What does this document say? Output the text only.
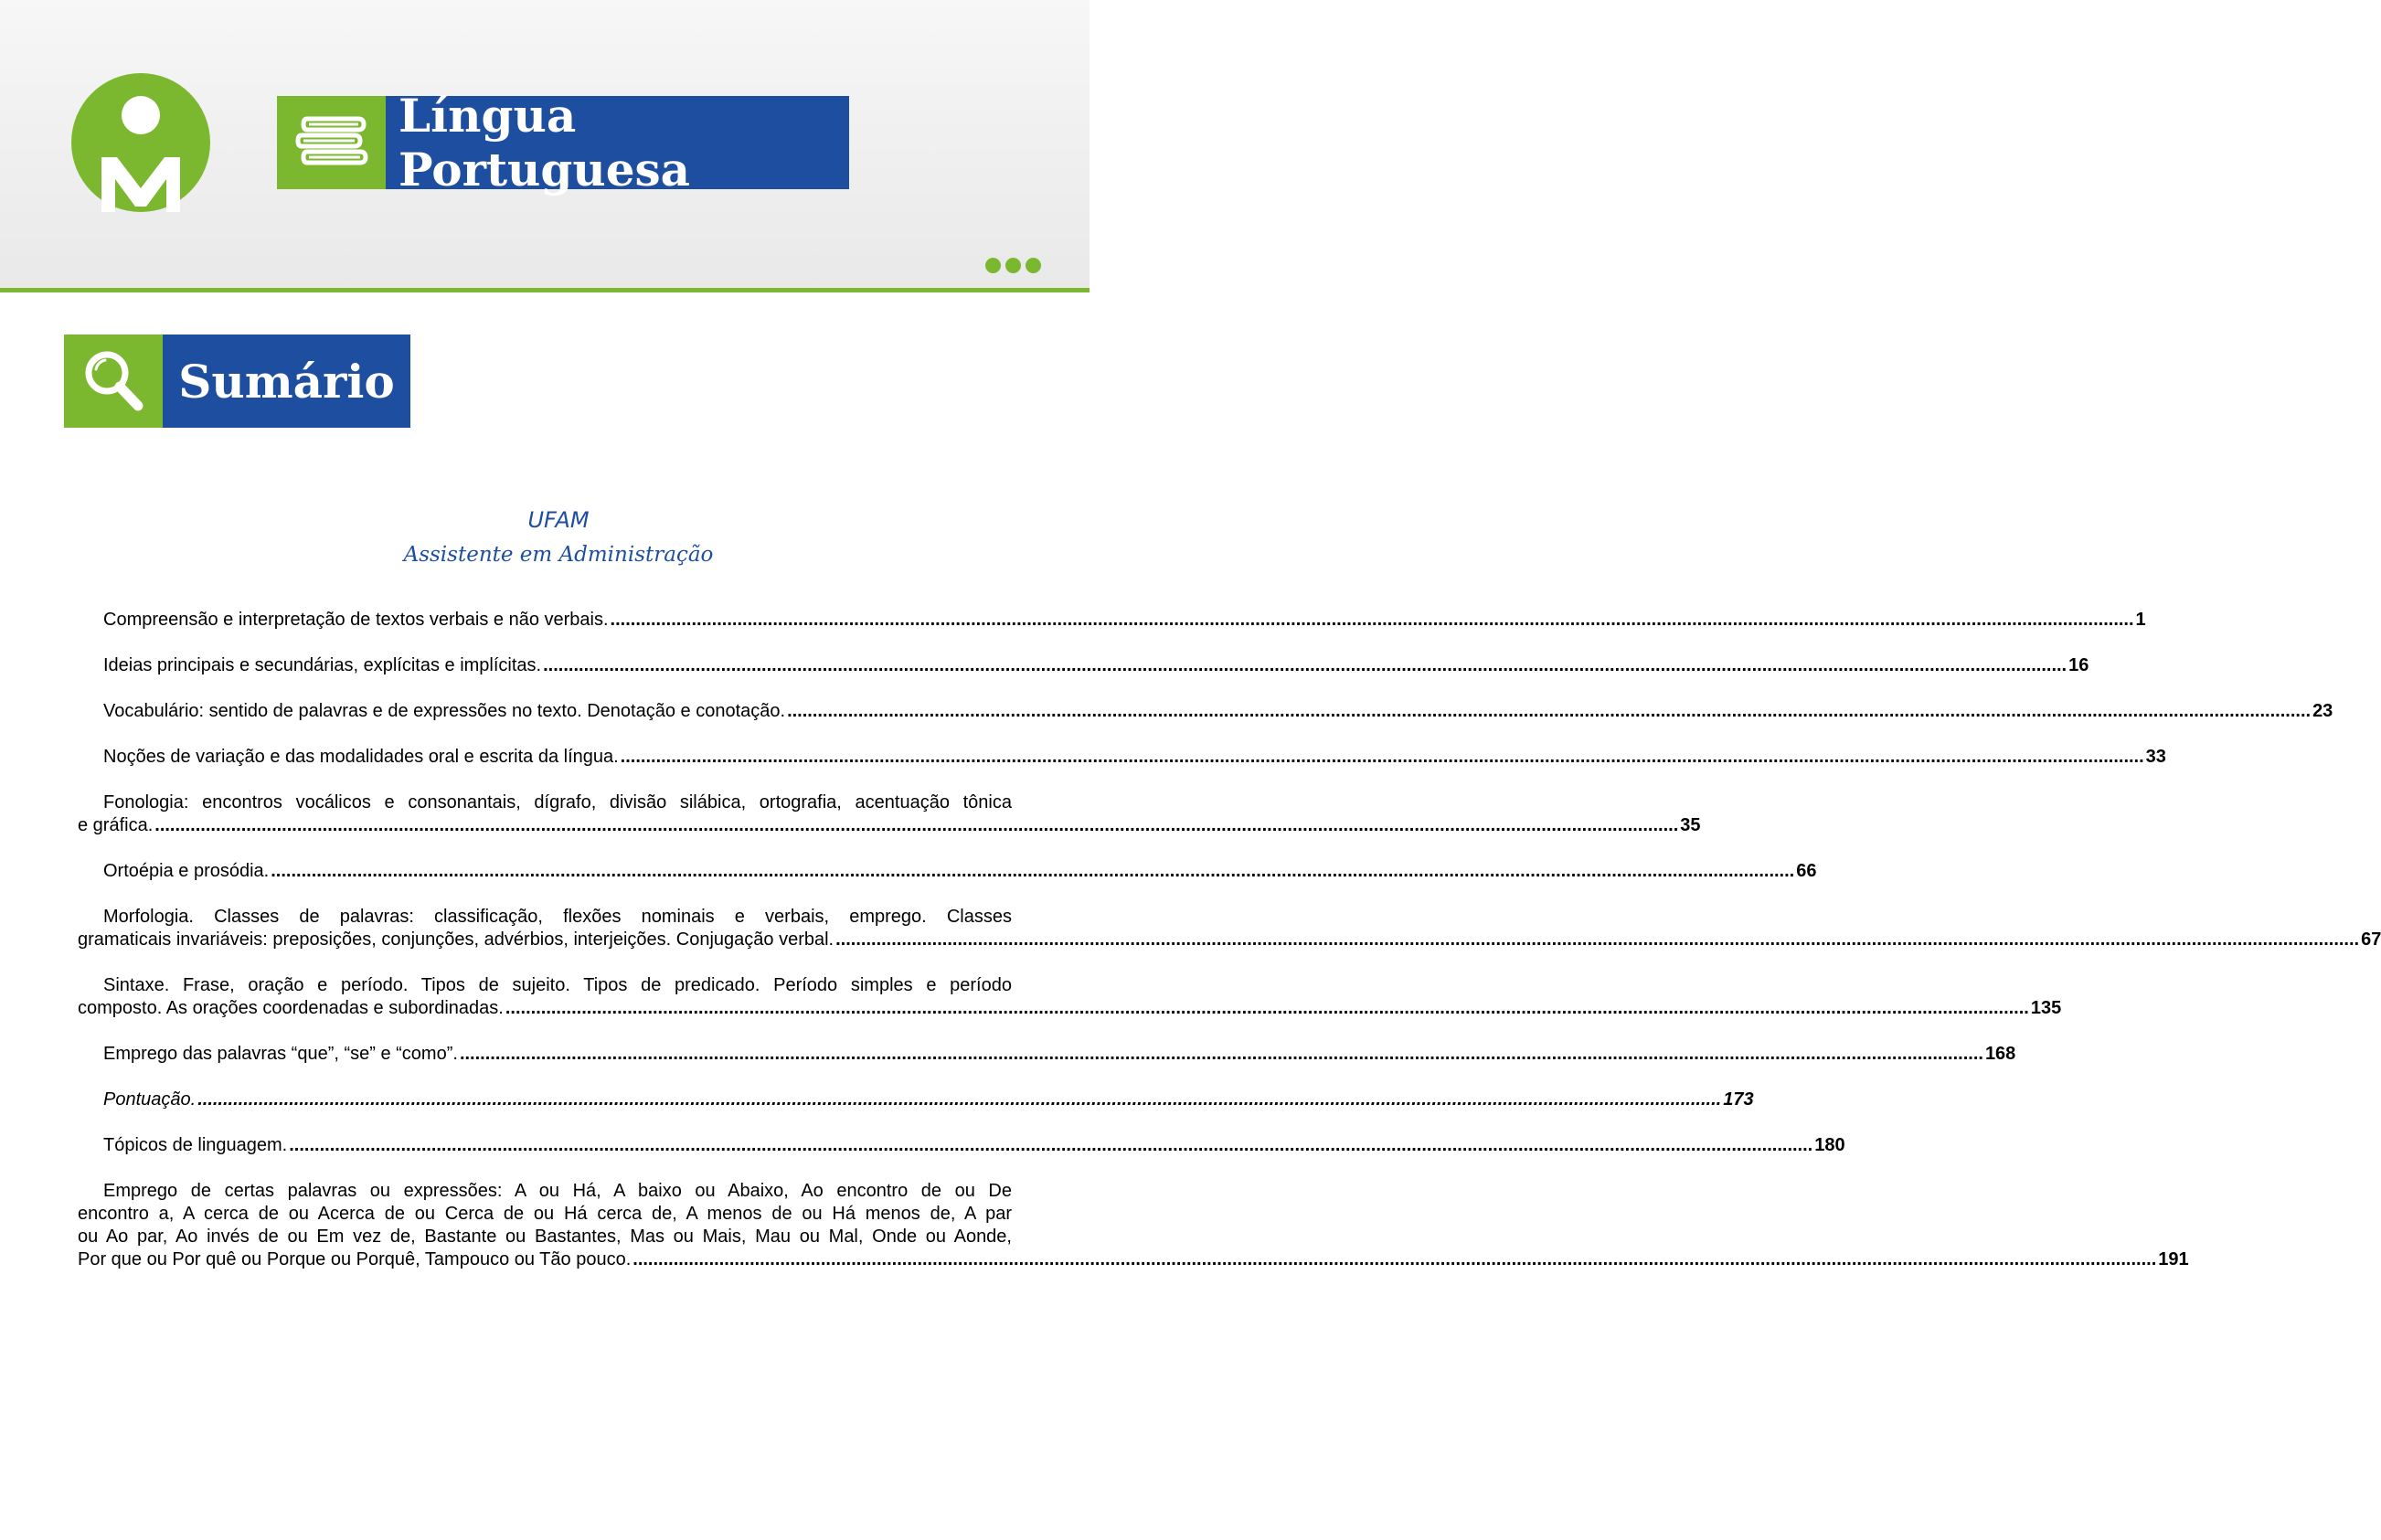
Língua Portuguesa
Sumário
UFAM
Assistente em Administração
Compreensão e interpretação de textos verbais e não verbais. ............................................................................................................................................................................................................................................................................................................ 1
Ideias principais e secundárias, explícitas e implícitas. ............................................................................................................................................................................................................................................................................................................ 16
Vocabulário: sentido de palavras e de expressões no texto. Denotação e conotação. ............................................................................................................................................................................................................................................................................................................ 23
Noções de variação e das modalidades oral e escrita da língua. ............................................................................................................................................................................................................................................................................................................ 33
Fonologia: encontros vocálicos e consonantais, dígrafo, divisão silábica, ortografia, acentuação tônica
e gráfica. ............................................................................................................................................................................................................................................................................................................ 35
Ortoépia e prosódia. ............................................................................................................................................................................................................................................................................................................ 66
Morfologia. Classes de palavras: classificação, flexões nominais e verbais, emprego. Classes
gramaticais invariáveis: preposições, conjunções, advérbios, interjeições. Conjugação verbal. ............................................................................................................................................................................................................................................................................................................ 67
Sintaxe. Frase, oração e período. Tipos de sujeito. Tipos de predicado. Período simples e período
composto. As orações coordenadas e subordinadas. ............................................................................................................................................................................................................................................................................................................ 135
Emprego das palavras “que”, “se” e “como”. ............................................................................................................................................................................................................................................................................................................ 168
Pontuação. ............................................................................................................................................................................................................................................................................................................ 173
Tópicos de linguagem. ............................................................................................................................................................................................................................................................................................................ 180
Emprego de certas palavras ou expressões: A ou Há, A baixo ou Abaixo, Ao encontro de ou De
encontro a, A cerca de ou Acerca de ou Cerca de ou Há cerca de, A menos de ou Há menos de, A par
ou Ao par, Ao invés de ou Em vez de, Bastante ou Bastantes, Mas ou Mais, Mau ou Mal, Onde ou Aonde,
Por que ou Por quê ou Porque ou Porquê, Tampouco ou Tão pouco. ............................................................................................................................................................................................................................................................................................................ 191
